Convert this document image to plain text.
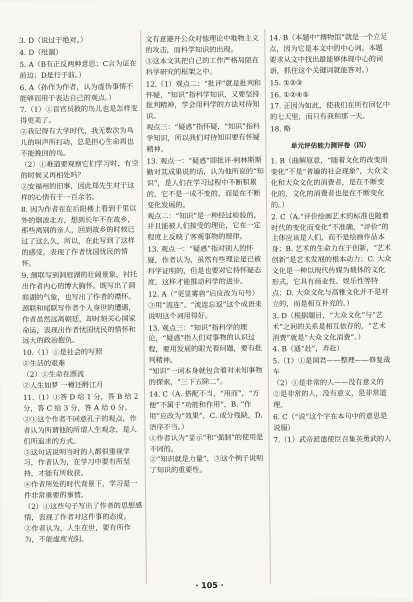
3. D（说过于绝对。）
4. D（纰漏）
5. A（B有正反两种意思；C言为证在前边；D是行于前。）
6. A（孙作为作者，认为虚伪事情不能够而用于表达自己的观点。）
7.（1）①盲官员救的鸟儿也是怎样变得更美了。
②我记得有大学时代，我无数次为鸟儿的叫声所打动，总是担心生命再也不能挽回的鸟。
（2）①难道要观察它们学习时，有空的时候又再相处吗？
②安福州的旧事，因此郑先生对于这样的心情有于一百余名。
8. 因为作者在在后阳楼上看到千里以外的烟波北方，想到长年不在故乡，那些离别的亲人，回到故乡的时候已过了这么久，所以，在此写到了这样的感受。表现了作者忧国忧民的情怀。
9. 颔联写到洞庭湖的壮阔景象，衬托出作者内心的博大胸怀。既写出了洞庭湖的气象，也写出了作者的襟怀。颈联和尾联写作者个人身世的遭遇，作者虽然远离朝廷，却时刻关心国家命运，表现出作者忧国忧民的情怀和远大的政治抱负。
10.（1）①是社会的写照
②生活的艰难
（2）①生命在漂流
②人生如梦 一樽还酹江月
11.（1）①答 D 给 1 分，答 B 给 2 分，答 C 给 3 分，答 A 给 0 分。
②①这个作者不同意孔子的观点，作者认为所谓他的所谓人生观念，是人们所追求的方式。
③这句话说明当时的人都很重视学习，作者认为，在学习中要有所坚持，才能有所收获。
④作者所处的时代背景下，学习是一件非常重要的事情。
（2）①这些句子写出了作者的思想感情，表现了作者对这件事的态度。
②作者认为，人生在世，要有所作为，不能虚度光阴。
文有意避开公众对他理论中唯物主义的攻击，而科学知识的出现。
③这本文其把自己的工作严格局限在科学研究的框架之中。
12.（1）观点二：“批评”就是批判和怀疑，“知识”指科学知识，又要坚持批判精神，学会用科学的方法对待知识。
观点三：“疑惑”指怀疑，“知识”指科学知识，所以我们对待知识要有怀疑精神。
13. 观点一：“疑惑”即批评·柯林斯斯勤对其成果说的话，认为他所说的“知识”，是人们在学习过程中不断积累的，它不是一成不变的，而是在不断变化发展的。
观点二：“知识”是一种经过检验的，并且能被人们接受的理论，它在一定程度上反映了客观事物的规律。
13. 观点一：“疑惑”指对别人的怀疑，作者认为，虽然有些理论是已被科学证明的，但是也要对它持怀疑态度，这样才能推动科学的进步。
12. A（“更显雾兽”后应改为句号）
③用“流连”、“流连忘返”这个成语来说明这个词用得好。
13. 观点三：“知识”指科学的理论，“疑惑”指人们对事物的认识过程，要用发展的眼光看问题，要有批判精神。
“知识”一词本身就包含着对未知事物的探索，“三下五除二”。
14. C（A. 搭配不当，“用而”，“方便”不属于“功能和作用”，B. “作用”应改为“效果”，C. 成分残缺，D. 语序不当。）
①作者认为“显示”和“强制”的使用是不同的。
②“知识就是力量”，③这个例子说明了知识的重要性。
14. B（本题中“搏物馆”就是一个立足点，因为它是本文中的中心词。本题要求从文中找出最能够体现中心的词语，抓住这个关键词就能答对。）
15. ①②③
16. ①②④⑤
17. 正因为如此，使我们在所有回忆中的七天里，而只有我和那一天。
18. 略
单元评估能力测评卷（四）
1. B（曲解原意，“随着文化的改变而变化”不是“普遍的社会现象”，大众文化和大众文化的消费者，是在不断变化的，文化的消费者也是在不断变化的。）
2. C（A.“评价绘画艺术的标准也随着时代的变化而变化”不准确，“评价”的主体应该是人们，而不是绘画作品本身；B. 艺术的生命力在于创新，“艺术创新”是艺术发展的根本动力；C. 大众文化是一种以现代传媒为载体的文化形式，它具有商业性、娱乐性等特点；D. 大众文化与高雅文化并不是对立的，而是相互补充的。）
3. D（根据题目，“大众文化”与“艺术”之间的关系是相互依存的，“艺术消费”就是“大众文化消费”。）
4. B（通“赴”，奔赴）
5.（1）①是国君——整理——修复战车
（2）①是非常的人——没有意义的
②是非常的人，没有意义，是非常道理。
6. C（“说”这个字在本句中的意思是说服）
7.（1）武帝派遣使臣召集英勇武的人
· 105 ·
